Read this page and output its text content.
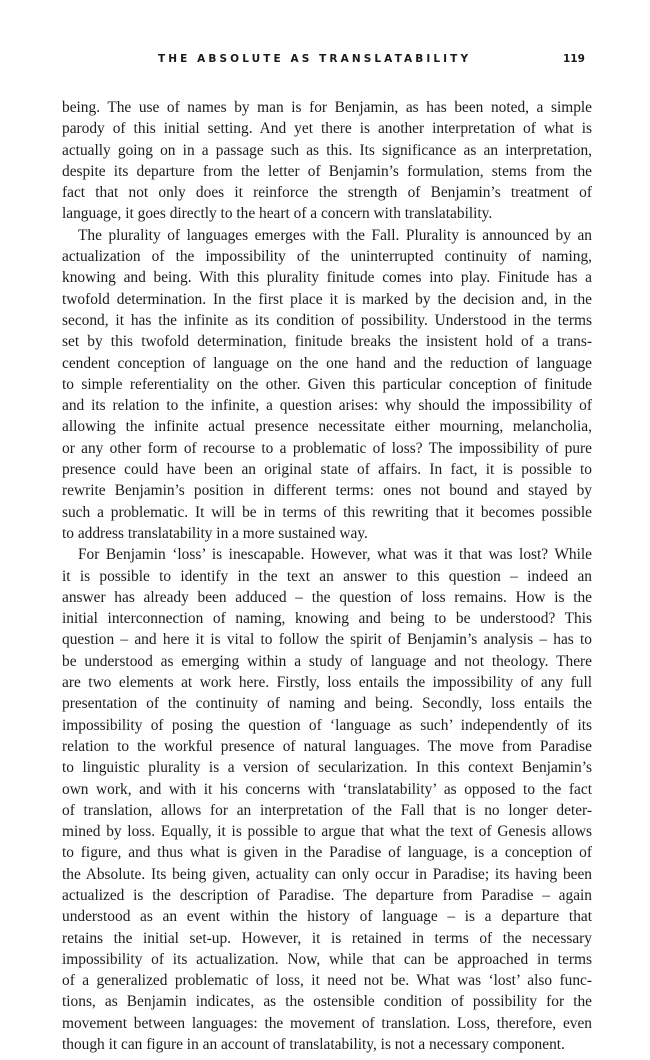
THE ABSOLUTE AS TRANSLATABILITY	119
being. The use of names by man is for Benjamin, as has been noted, a simple
parody of this initial setting. And yet there is another interpretation of what is
actually going on in a passage such as this. Its significance as an interpretation,
despite its departure from the letter of Benjamin’s formulation, stems from the
fact that not only does it reinforce the strength of Benjamin’s treatment of
language, it goes directly to the heart of a concern with translatability.
The plurality of languages emerges with the Fall. Plurality is announced by an
actualization of the impossibility of the uninterrupted continuity of naming,
knowing and being. With this plurality finitude comes into play. Finitude has a
twofold determination. In the first place it is marked by the decision and, in the
second, it has the infinite as its condition of possibility. Understood in the terms
set by this twofold determination, finitude breaks the insistent hold of a trans-
cendent conception of language on the one hand and the reduction of language
to simple referentiality on the other. Given this particular conception of finitude
and its relation to the infinite, a question arises: why should the impossibility of
allowing the infinite actual presence necessitate either mourning, melancholia,
or any other form of recourse to a problematic of loss? The impossibility of pure
presence could have been an original state of affairs. In fact, it is possible to
rewrite Benjamin’s position in different terms: ones not bound and stayed by
such a problematic. It will be in terms of this rewriting that it becomes possible
to address translatability in a more sustained way.
For Benjamin ‘loss’ is inescapable. However, what was it that was lost? While
it is possible to identify in the text an answer to this question – indeed an
answer has already been adduced – the question of loss remains. How is the
initial interconnection of naming, knowing and being to be understood? This
question – and here it is vital to follow the spirit of Benjamin’s analysis – has to
be understood as emerging within a study of language and not theology. There
are two elements at work here. Firstly, loss entails the impossibility of any full
presentation of the continuity of naming and being. Secondly, loss entails the
impossibility of posing the question of ‘language as such’ independently of its
relation to the workful presence of natural languages. The move from Paradise
to linguistic plurality is a version of secularization. In this context Benjamin’s
own work, and with it his concerns with ‘translatability’ as opposed to the fact
of translation, allows for an interpretation of the Fall that is no longer deter-
mined by loss. Equally, it is possible to argue that what the text of Genesis allows
to figure, and thus what is given in the Paradise of language, is a conception of
the Absolute. Its being given, actuality can only occur in Paradise; its having been
actualized is the description of Paradise. The departure from Paradise – again
understood as an event within the history of language – is a departure that
retains the initial set-up. However, it is retained in terms of the necessary
impossibility of its actualization. Now, while that can be approached in terms
of a generalized problematic of loss, it need not be. What was ‘lost’ also func-
tions, as Benjamin indicates, as the ostensible condition of possibility for the
movement between languages: the movement of translation. Loss, therefore, even
though it can figure in an account of translatability, is not a necessary component.
